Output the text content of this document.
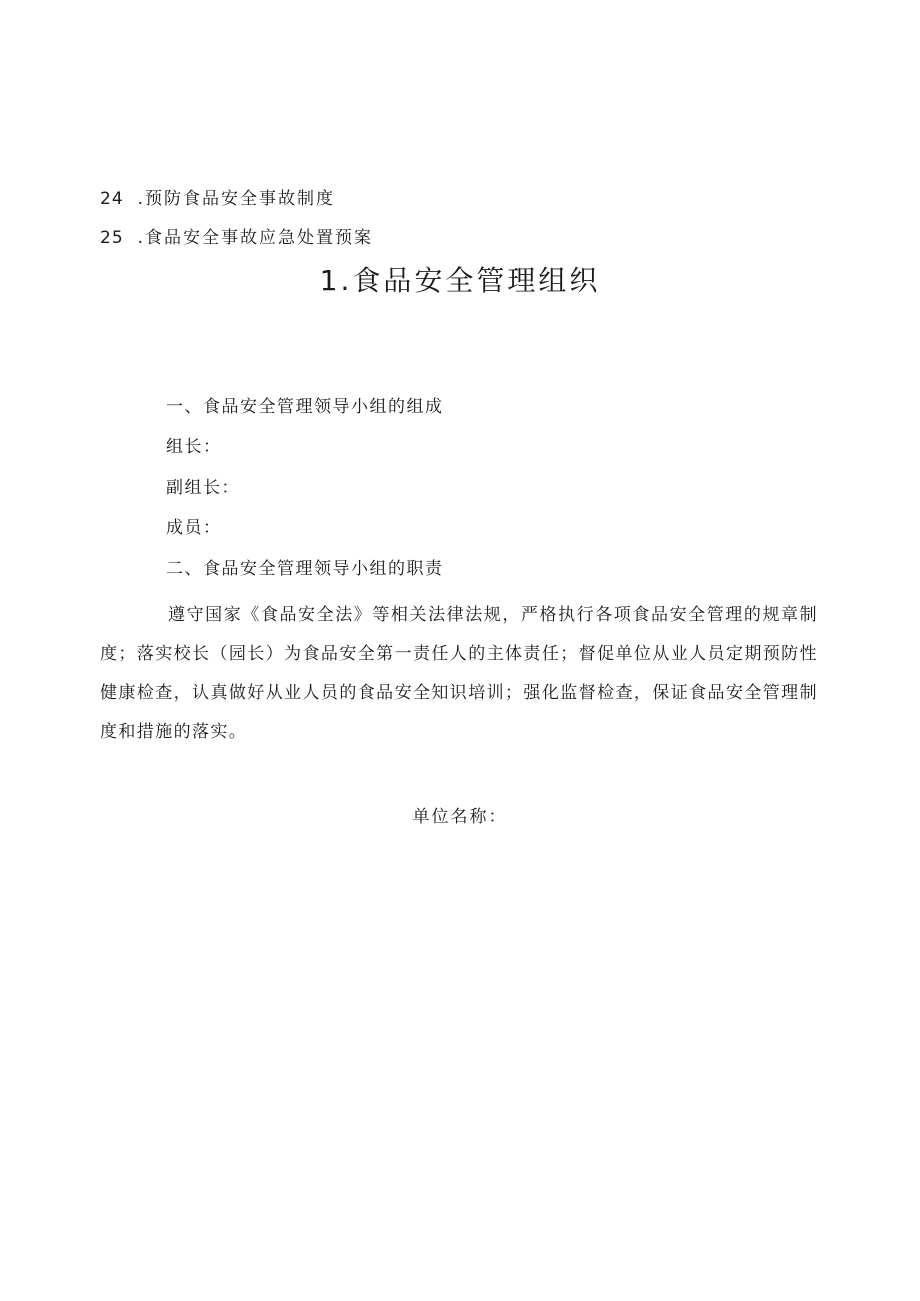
24 .预防食品安全事故制度
25 .食品安全事故应急处置预案
1.食品安全管理组织
一、食品安全管理领导小组的组成
组长：
副组长：
成员：
二、食品安全管理领导小组的职责
遵守国家《食品安全法》等相关法律法规，严格执行各项食品安全管理的规章制度；落实校长（园长）为食品安全第一责任人的主体责任；督促单位从业人员定期预防性健康检查，认真做好从业人员的食品安全知识培训；强化监督检查，保证食品安全管理制度和措施的落实。
单位名称：
